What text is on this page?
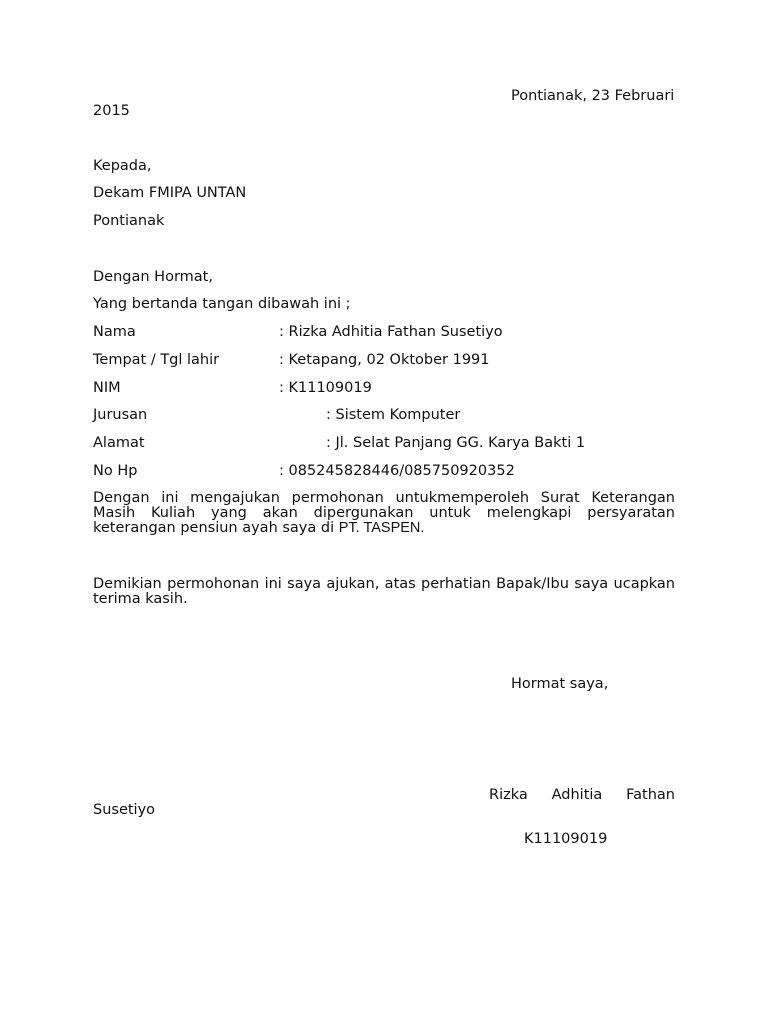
Pontianak, 23 Februari
2015
Kepada,
Dekam FMIPA UNTAN
Pontianak
Dengan Hormat,
Yang bertanda tangan dibawah ini ;
Nama	: Rizka Adhitia Fathan Susetiyo
Tempat / Tgl lahir	: Ketapang, 02 Oktober 1991
NIM	: K11109019
Jurusan	: Sistem Komputer
Alamat	: Jl. Selat Panjang GG. Karya Bakti 1
No Hp	: 085245828446/085750920352
Dengan ini mengajukan permohonan untukmemperoleh Surat Keterangan Masih Kuliah yang akan dipergunakan untuk melengkapi persyaratan keterangan pensiun ayah saya di PT. TASPEN.
Demikian permohonan ini saya ajukan, atas perhatian Bapak/Ibu saya ucapkan terima kasih.
Hormat saya,
Rizka Adhitia Fathan
Susetiyo
K11109019
